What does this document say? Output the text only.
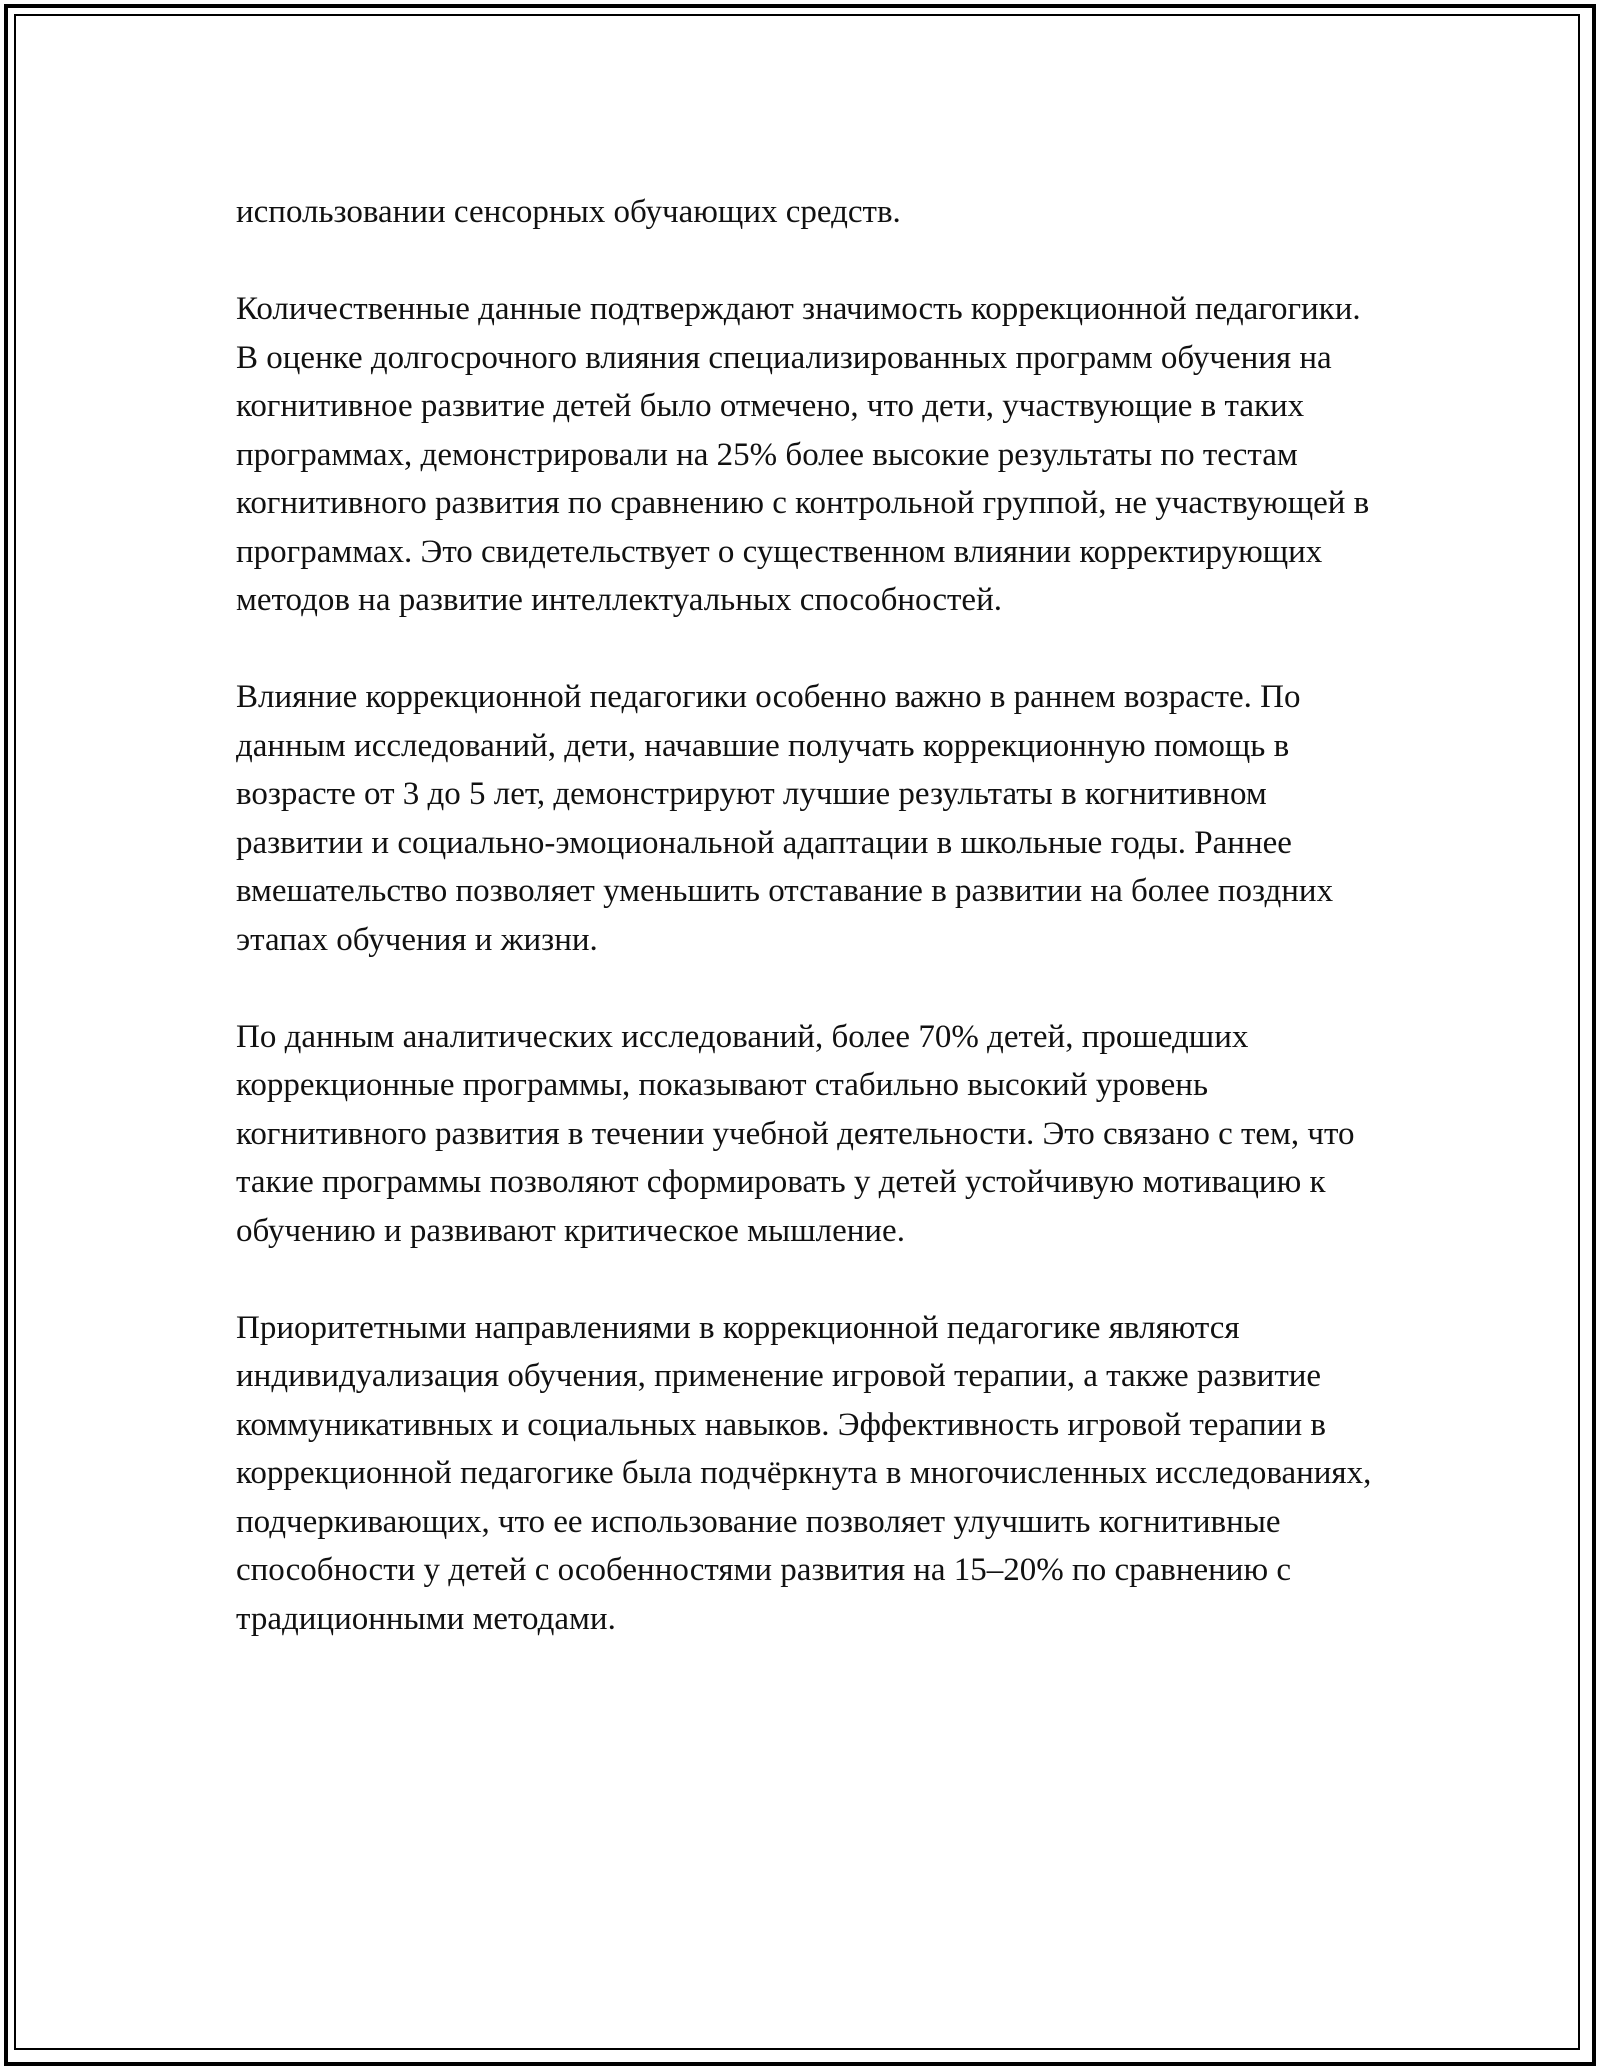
использовании сенсорных обучающих средств.

Количественные данные подтверждают значимость коррекционной педагогики. В оценке долгосрочного влияния специализированных программ обучения на когнитивное развитие детей было отмечено, что дети, участвующие в таких программах, демонстрировали на 25% более высокие результаты по тестам когнитивного развития по сравнению с контрольной группой, не участвующей в программах. Это свидетельствует о существенном влиянии корректирующих методов на развитие интеллектуальных способностей.

Влияние коррекционной педагогики особенно важно в раннем возрасте. По данным исследований, дети, начавшие получать коррекционную помощь в возрасте от 3 до 5 лет, демонстрируют лучшие результаты в когнитивном развитии и социально-эмоциональной адаптации в школьные годы. Раннее вмешательство позволяет уменьшить отставание в развитии на более поздних этапах обучения и жизни.

По данным аналитических исследований, более 70% детей, прошедших коррекционные программы, показывают стабильно высокий уровень когнитивного развития в течении учебной деятельности. Это связано с тем, что такие программы позволяют сформировать у детей устойчивую мотивацию к обучению и развивают критическое мышление.

Приоритетными направлениями в коррекционной педагогике являются индивидуализация обучения, применение игровой терапии, а также развитие коммуникативных и социальных навыков. Эффективность игровой терапии в коррекционной педагогике была подчёркнута в многочисленных исследованиях, подчеркивающих, что ее использование позволяет улучшить когнитивные способности у детей с особенностями развития на 15–20% по сравнению с традиционными методами.
